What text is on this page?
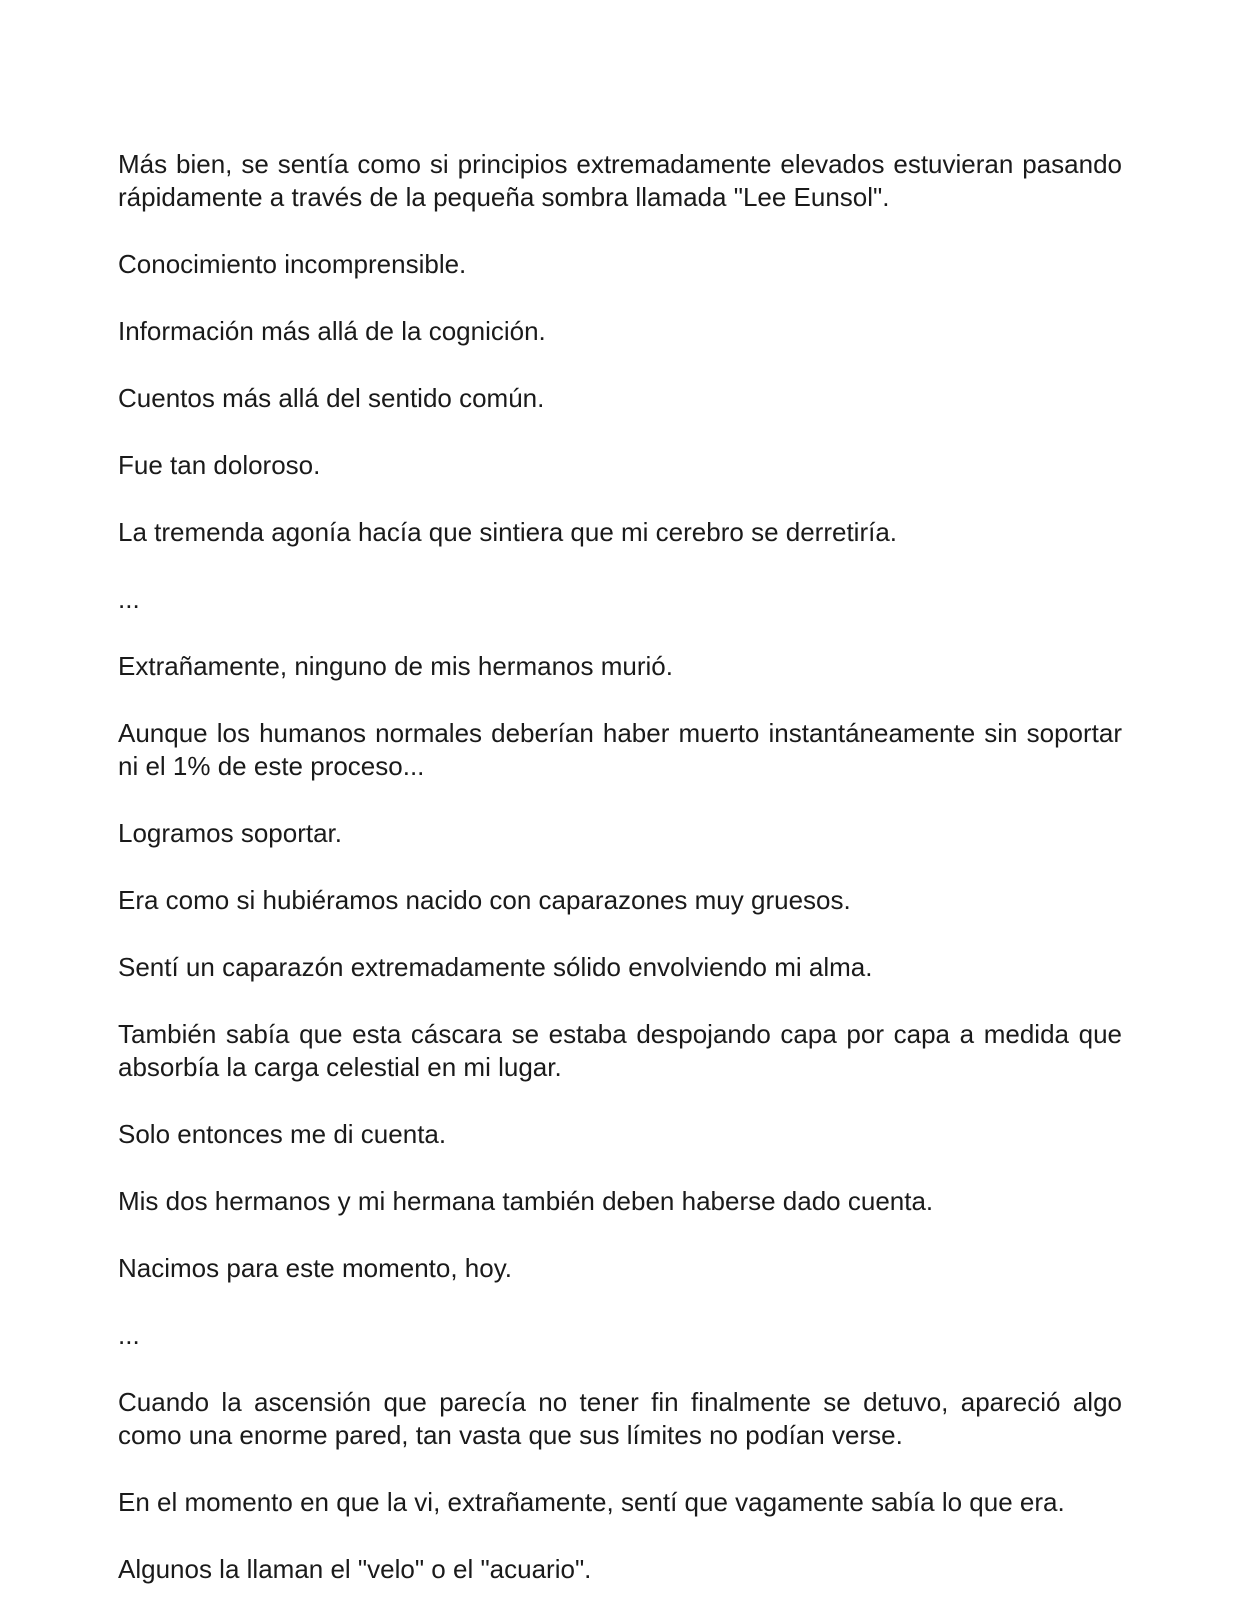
Más bien, se sentía como si principios extremadamente elevados estuvieran pasando rápidamente a través de la pequeña sombra llamada "Lee Eunsol".

Conocimiento incomprensible.

Información más allá de la cognición.

Cuentos más allá del sentido común.

Fue tan doloroso.

La tremenda agonía hacía que sintiera que mi cerebro se derretiría.

...

Extrañamente, ninguno de mis hermanos murió.

Aunque los humanos normales deberían haber muerto instantáneamente sin soportar ni el 1% de este proceso...

Logramos soportar.

Era como si hubiéramos nacido con caparazones muy gruesos.

Sentí un caparazón extremadamente sólido envolviendo mi alma.

También sabía que esta cáscara se estaba despojando capa por capa a medida que absorbía la carga celestial en mi lugar.

Solo entonces me di cuenta.

Mis dos hermanos y mi hermana también deben haberse dado cuenta.

Nacimos para este momento, hoy.

...

Cuando la ascensión que parecía no tener fin finalmente se detuvo, apareció algo como una enorme pared, tan vasta que sus límites no podían verse.

En el momento en que la vi, extrañamente, sentí que vagamente sabía lo que era.

Algunos la llaman el "velo" o el "acuario".
